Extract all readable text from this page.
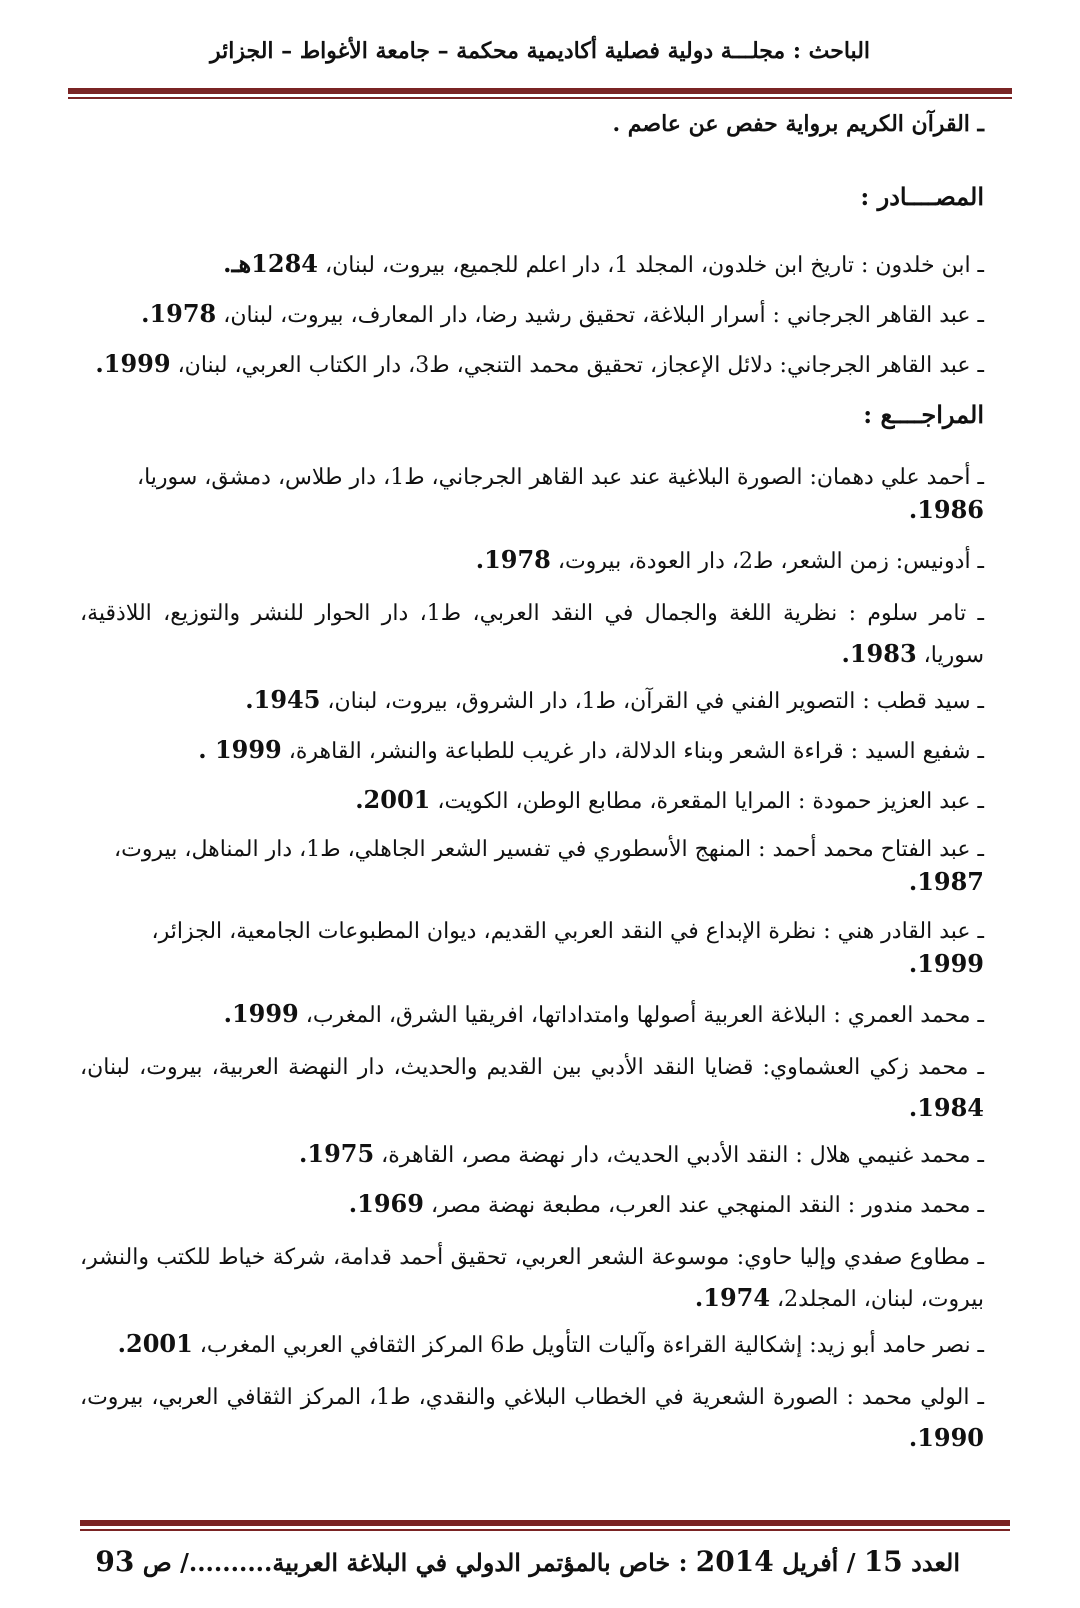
الباحث : مجلـــة دولية فصلية أكاديمية محكمة – جامعة الأغواط – الجزائر
ـ القرآن الكريم برواية حفص عن عاصم .
المصــــادر :
ـ ابن خلدون : تاريخ ابن خلدون، المجلد 1، دار اعلم للجميع، بيروت، لبنان، 1284هـ.
ـ عبد القاهر الجرجاني : أسرار البلاغة، تحقيق رشيد رضا، دار المعارف، بيروت، لبنان، 1978.
ـ عبد القاهر الجرجاني: دلائل الإعجاز، تحقيق محمد التنجي، ط3، دار الكتاب العربي، لبنان، 1999.
المراجــــع :
ـ أحمد علي دهمان: الصورة البلاغية عند عبد القاهر الجرجاني، ط1، دار طلاس، دمشق، سوريا، 1986.
ـ أدونيس: زمن الشعر، ط2، دار العودة، بيروت، 1978.
ـ تامر سلوم : نظرية اللغة والجمال في النقد العربي، ط1، دار الحوار للنشر والتوزيع، اللاذقية، سوريا، 1983.
ـ سيد قطب : التصوير الفني في القرآن، ط1، دار الشروق، بيروت، لبنان، 1945.
ـ شفيع السيد : قراءة الشعر وبناء الدلالة، دار غريب للطباعة والنشر، القاهرة، 1999 .
ـ عبد العزيز حمودة : المرايا المقعرة، مطابع الوطن، الكويت، 2001.
ـ عبد الفتاح محمد أحمد : المنهج الأسطوري في تفسير الشعر الجاهلي، ط1، دار المناهل، بيروت، 1987.
ـ عبد القادر هني : نظرة الإبداع في النقد العربي القديم، ديوان المطبوعات الجامعية، الجزائر، 1999.
ـ محمد العمري : البلاغة العربية أصولها وامتداداتها، افريقيا الشرق، المغرب، 1999.
ـ محمد زكي العشماوي: قضايا النقد الأدبي بين القديم والحديث، دار النهضة العربية، بيروت، لبنان، 1984.
ـ محمد غنيمي هلال : النقد الأدبي الحديث، دار نهضة مصر، القاهرة، 1975.
ـ محمد مندور : النقد المنهجي عند العرب، مطبعة نهضة مصر، 1969.
ـ مطاوع صفدي وإليا حاوي: موسوعة الشعر العربي، تحقيق أحمد قدامة، شركة خياط للكتب والنشر، بيروت، لبنان، المجلد2، 1974.
ـ نصر حامد أبو زيد: إشكالية القراءة وآليات التأويل ط6 المركز الثقافي العربي المغرب، 2001.
ـ الولي محمد : الصورة الشعرية في الخطاب البلاغي والنقدي، ط1، المركز الثقافي العربي، بيروت، 1990.
العدد 15 / أفريل 2014 : خاص بالمؤتمر الدولي في البلاغة العربية........../ ص 93
